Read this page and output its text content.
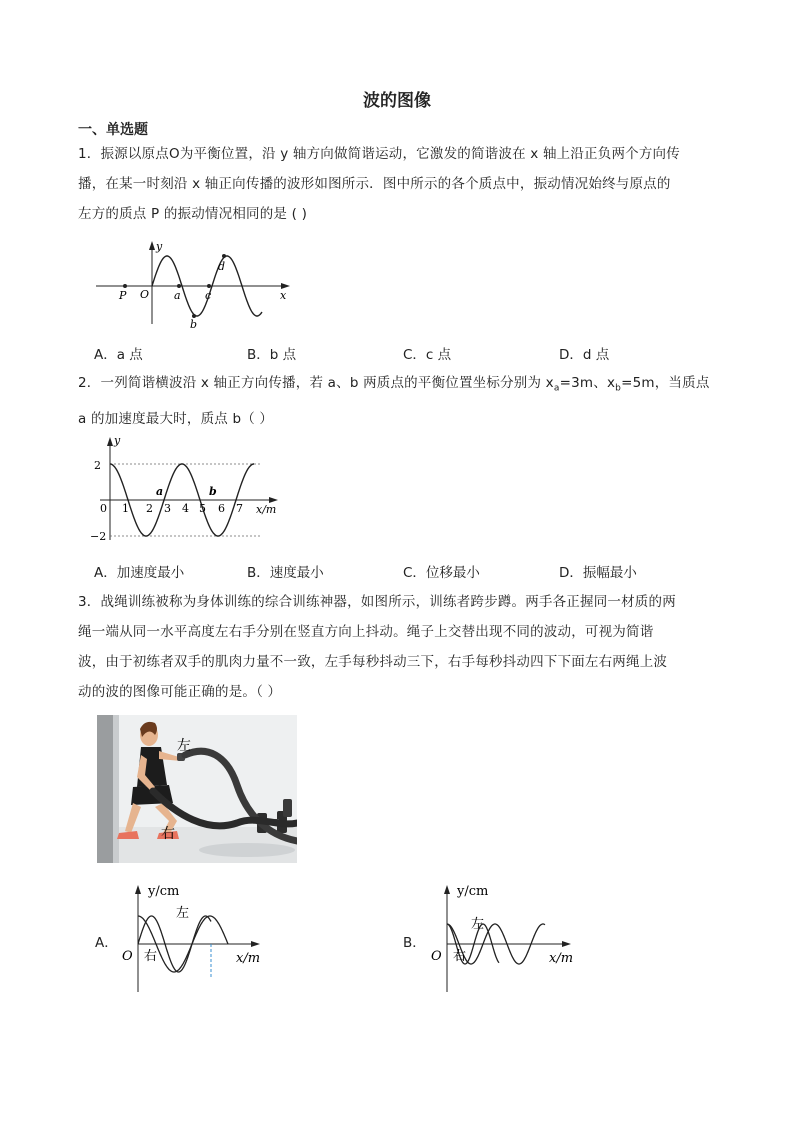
波的图像
一、单选题
1．振源以原点O为平衡位置，沿 y 轴方向做简谐运动，它激发的简谐波在 x 轴上沿正负两个方向传
播，在某一时刻沿 x 轴正向传播的波形如图所示．图中所示的各个质点中，振动情况始终与原点的
左方的质点 P 的振动情况相同的是 ( )
y
O	x
P	a
b
c
d
A．a 点	B．b 点	C．c 点	D．d 点
2．一列简谐横波沿 x 轴正方向传播，若 a、b 两质点的平衡位置坐标分别为 $x_a=3m$、$x_b=5m$，当质点
a 的加速度最大时，质点 b（ ）
y
2
−2
0 1 2 3 4 5 6 7 x/m
a	b
A．加速度最小	B．速度最小	C．位移最小	D．振幅最小
3．战绳训练被称为身体训练的综合训练神器，如图所示，训练者跨步蹲。两手各正握同一材质的两
绳一端从同一水平高度左右手分别在竖直方向上抖动。绳子上交替出现不同的波动，可视为简谐
波，由于初练者双手的肌肉力量不一致，左手每秒抖动三下，右手每秒抖动四下下面左右两绳上波
动的波的图像可能正确的是。（ ）
左
右
A．
y/cm
x/m
O
左
右
B．
y/cm
x/m
O
左
右
